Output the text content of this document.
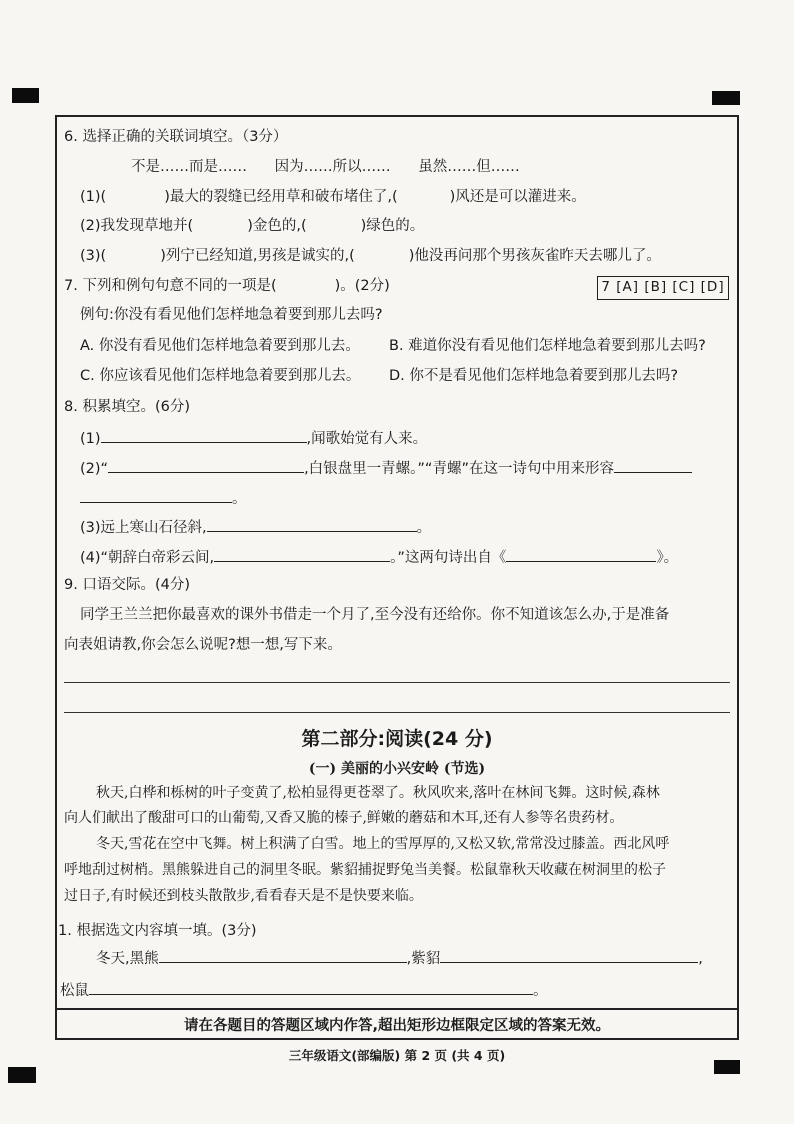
6. 选择正确的关联词填空。（3分）
不是……而是……      因为……所以……      虽然……但……
(1)(	)最大的裂缝已经用草和破布堵住了,(	)风还是可以灌进来。
(2)我发现草地并(	)金色的,(	)绿色的。
(3)(	)列宁已经知道,男孩是诚实的,(	)他没再问那个男孩灰雀昨天去哪儿了。
7. 下列和例句句意不同的一项是(	)。(2分)	7 [A] [B] [C] [D]
例句:你没有看见他们怎样地急着要到那儿去吗?
A. 你没有看见他们怎样地急着要到那儿去。 B. 难道你没有看见他们怎样地急着要到那儿去吗?
C. 你应该看见他们怎样地急着要到那儿去。 D. 你不是看见他们怎样地急着要到那儿去吗?
8. 积累填空。(6分)
(1)	,闻歌始觉有人来。
(2)“	,白银盘里一青螺。”“青螺”在这一诗句中用来形容
。
(3)远上寒山石径斜,	。
(4)“朝辞白帝彩云间,	。”这两句诗出自《	》。
9. 口语交际。(4分)
同学王兰兰把你最喜欢的课外书借走一个月了,至今没有还给你。你不知道该怎么办,于是准备
向表姐请教,你会怎么说呢?想一想,写下来。
第二部分:阅读(24 分)
(一) 美丽的小兴安岭 (节选)
秋天,白桦和栎树的叶子变黄了,松柏显得更苍翠了。秋风吹来,落叶在林间飞舞。这时候,森林
向人们献出了酸甜可口的山葡萄,又香又脆的榛子,鲜嫩的蘑菇和木耳,还有人参等名贵药材。
冬天,雪花在空中飞舞。树上积满了白雪。地上的雪厚厚的,又松又软,常常没过膝盖。西北风呼
呼地刮过树梢。黑熊躲进自己的洞里冬眠。紫貂捕捉野兔当美餐。松鼠靠秋天收藏在树洞里的松子
过日子,有时候还到枝头散散步,看看春天是不是快要来临。
1. 根据选文内容填一填。(3分)
冬天,黑熊	,紫貂	,
松鼠	。
请在各题目的答题区域内作答,超出矩形边框限定区域的答案无效。
三年级语文(部编版) 第 2 页 (共 4 页)
